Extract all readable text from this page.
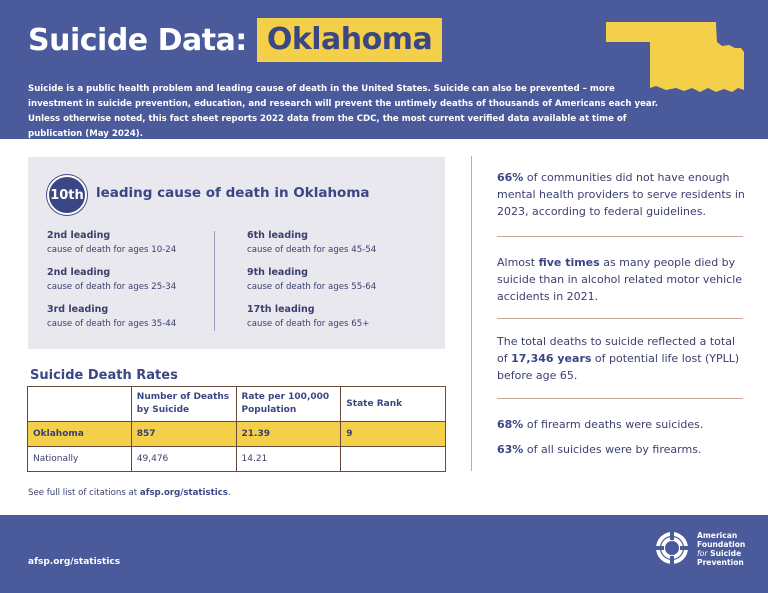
Suicide Data: Oklahoma

Suicide is a public health problem and leading cause of death in the United States. Suicide can also be prevented – more investment in suicide prevention, education, and research will prevent the untimely deaths of thousands of Americans each year. Unless otherwise noted, this fact sheet reports 2022 data from the CDC, the most current verified data available at time of publication (May 2024).

10th leading cause of death in Oklahoma
2nd leading
cause of death for ages 10-24
2nd leading
cause of death for ages 25-34
3rd leading
cause of death for ages 35-44
6th leading
cause of death for ages 45-54
9th leading
cause of death for ages 55-64
17th leading
cause of death for ages 65+
Suicide Death Rates
	Number of Deaths by Suicide	Rate per 100,000 Population	State Rank
Oklahoma	857	21.39	9
Nationally	49,476	14.21	
See full list of citations at afsp.org/statistics.

66% of communities did not have enough mental health providers to serve residents in 2023, according to federal guidelines.

Almost five times as many people died by suicide than in alcohol related motor vehicle accidents in 2021.

The total deaths to suicide reflected a total of 17,346 years of potential life lost (YPLL) before age 65.

68% of firearm deaths were suicides.

63% of all suicides were by firearms.

afsp.org/statistics
American
Foundation
for Suicide
Prevention
